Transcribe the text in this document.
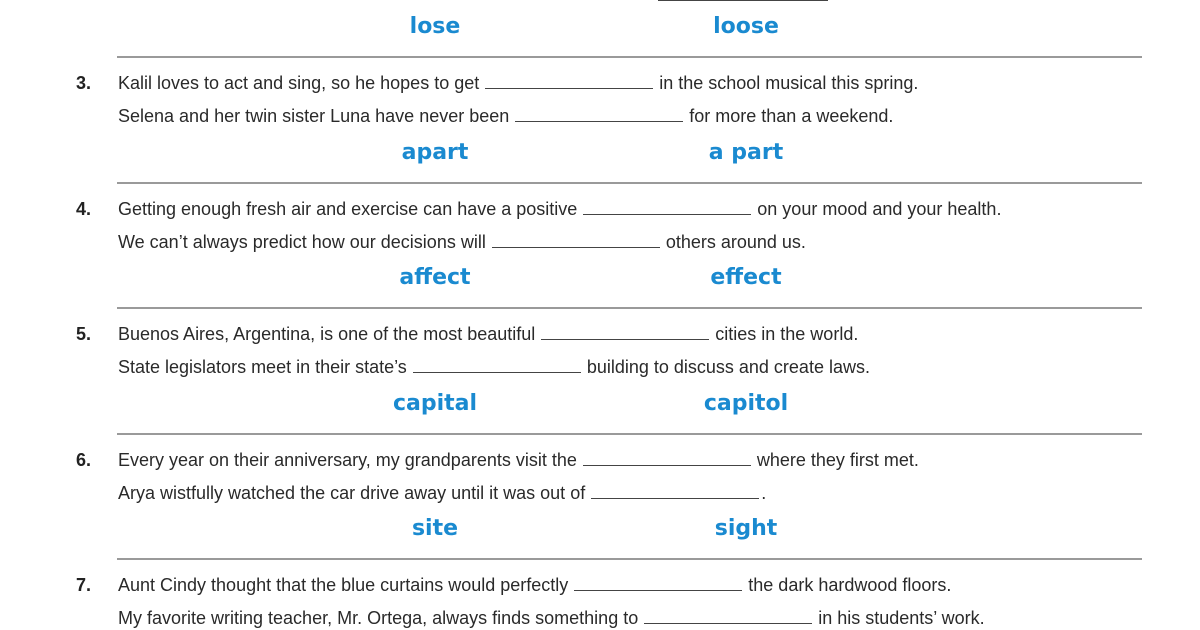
lose	loose
3. Kalil loves to act and sing, so he hopes to get	in the school musical this spring.
Selena and her twin sister Luna have never been	for more than a weekend.
apart	a part
4. Getting enough fresh air and exercise can have a positive	on your mood and your health.
We can’t always predict how our decisions will	others around us.
affect	effect
5. Buenos Aires, Argentina, is one of the most beautiful	cities in the world.
State legislators meet in their state’s	building to discuss and create laws.
capital	capitol
6. Every year on their anniversary, my grandparents visit the	where they first met.
Arya wistfully watched the car drive away until it was out of	.
site	sight
7. Aunt Cindy thought that the blue curtains would perfectly	the dark hardwood floors.
My favorite writing teacher, Mr. Ortega, always finds something to	in his students’ work.
